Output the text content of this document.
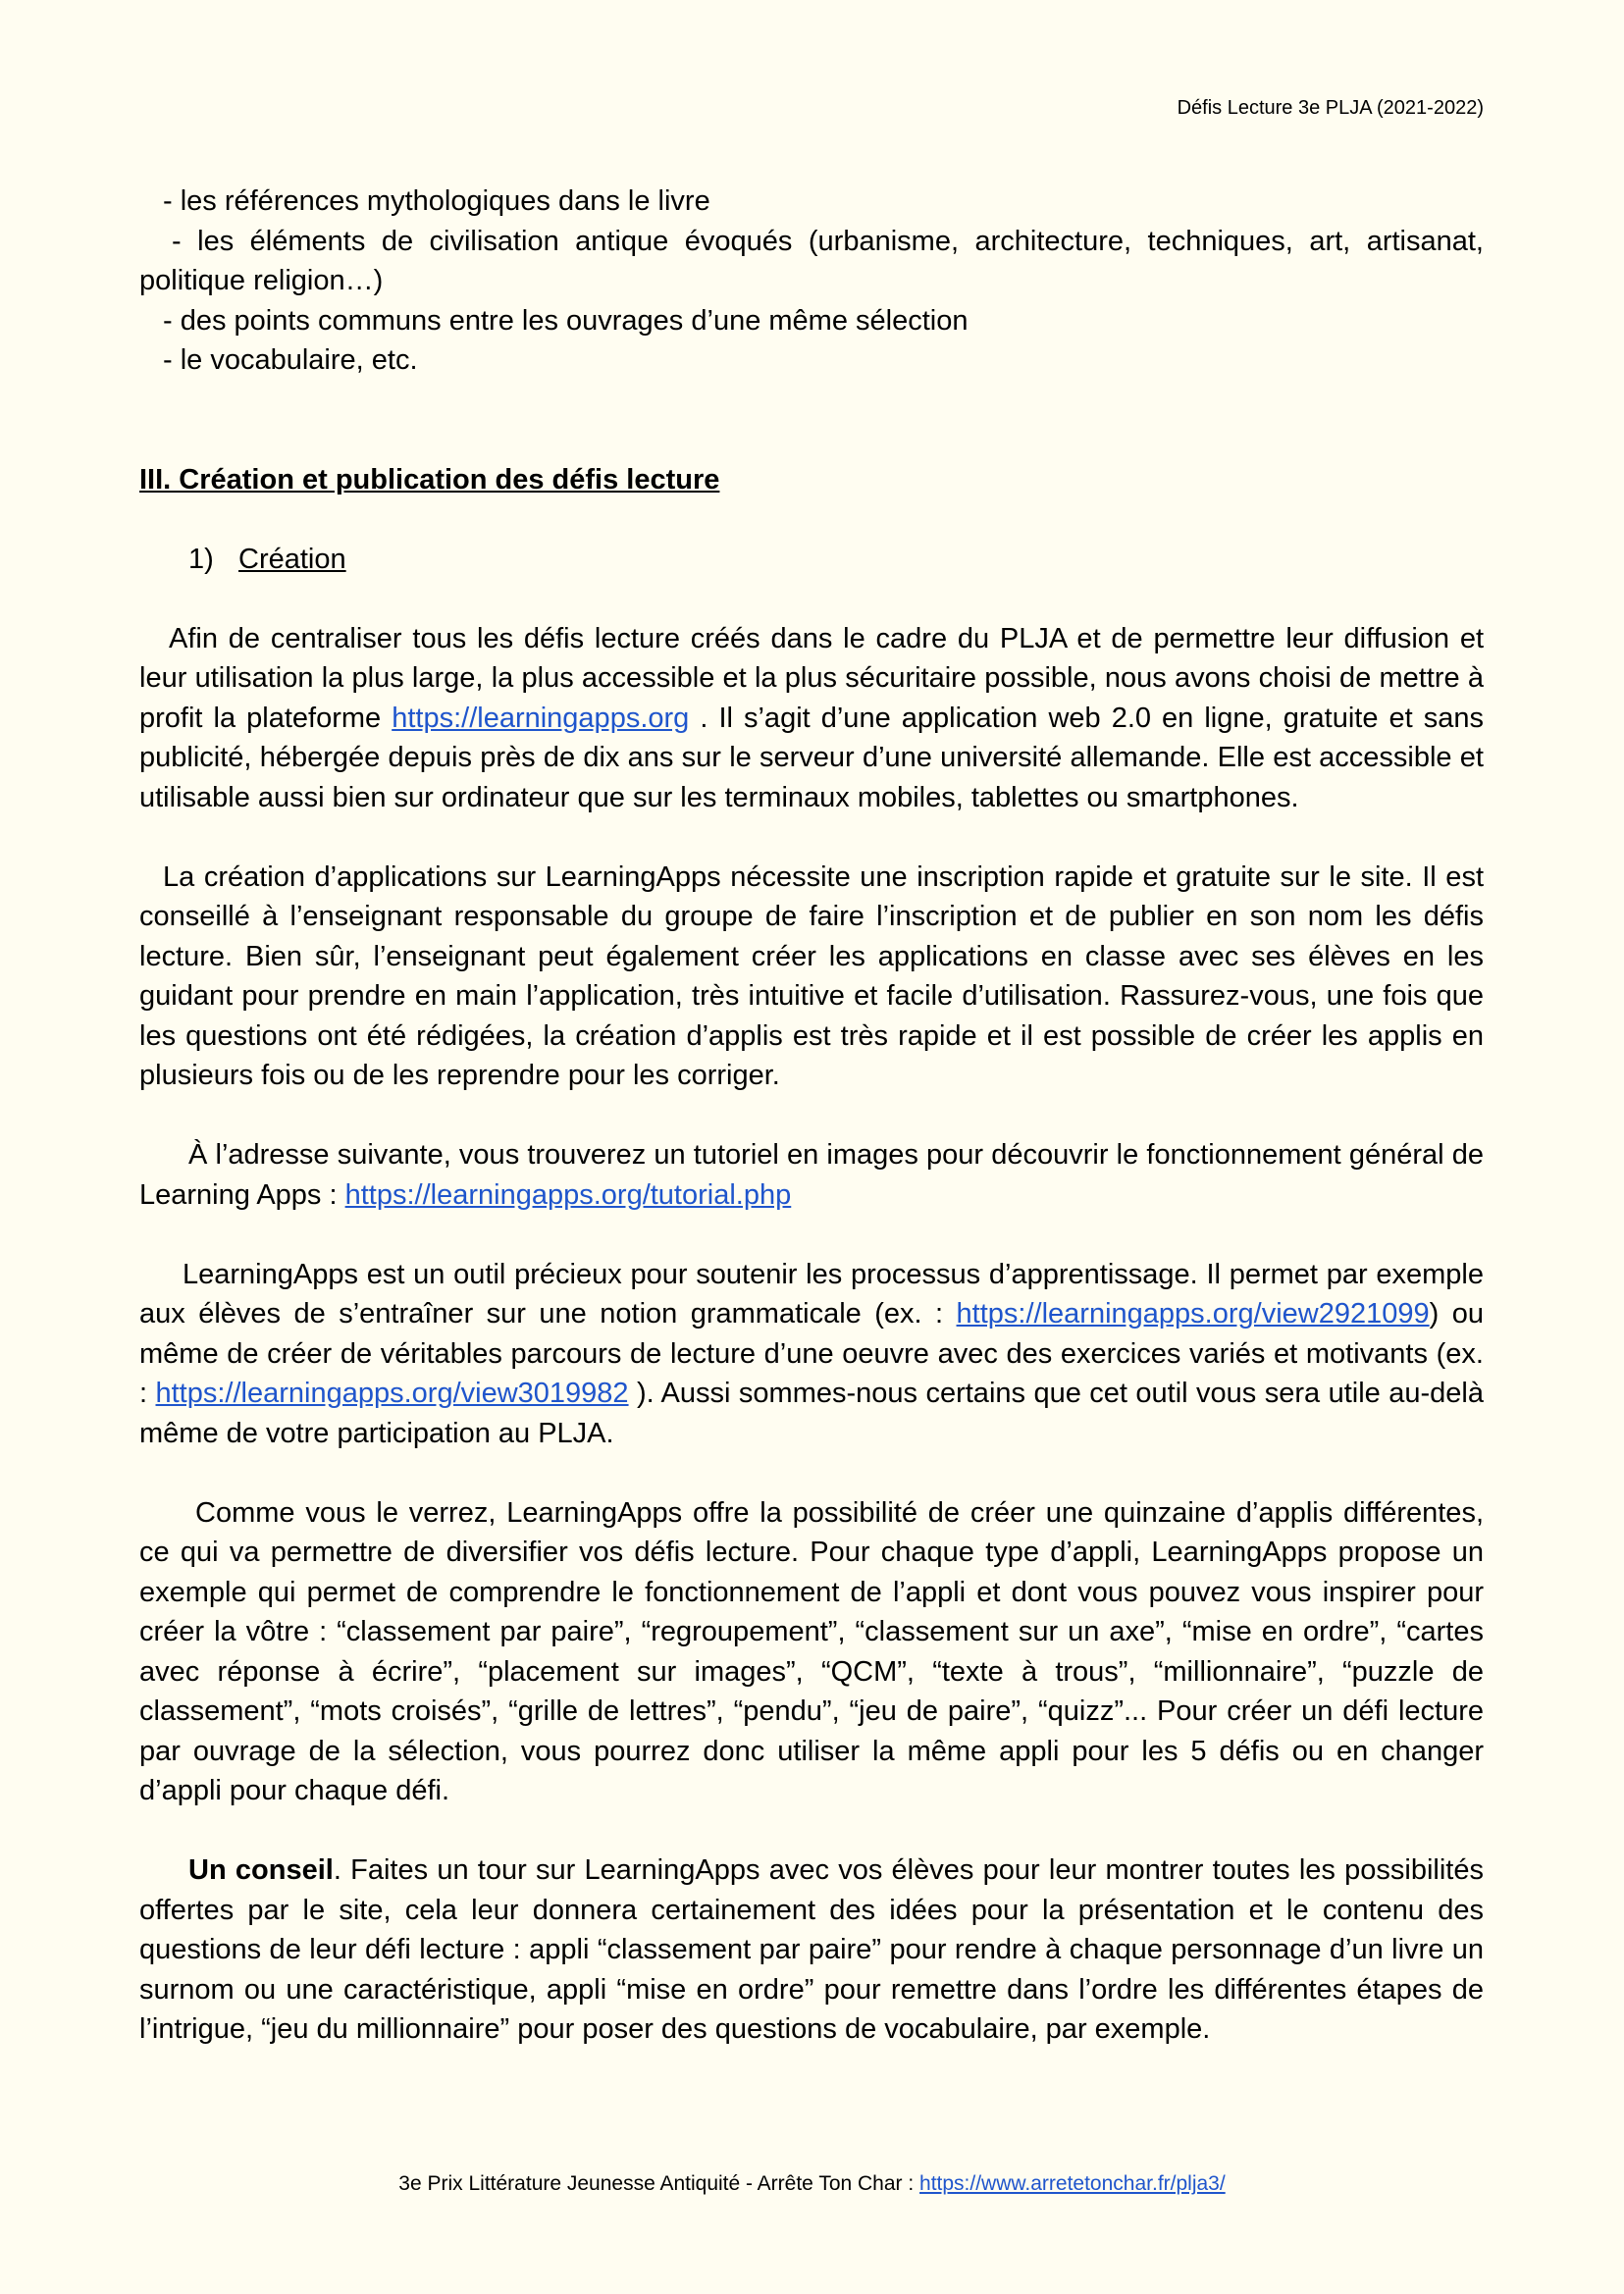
Défis Lecture 3e PLJA (2021-2022)

- les références mythologiques dans le livre

- les éléments de civilisation antique évoqués (urbanisme, architecture, techniques, art, artisanat, politique religion…)

- des points communs entre les ouvrages d’une même sélection

- le vocabulaire, etc.

III. Création et publication des défis lecture

1) Création

Afin de centraliser tous les défis lecture créés dans le cadre du PLJA et de permettre leur diffusion et leur utilisation la plus large, la plus accessible et la plus sécuritaire possible, nous avons choisi de mettre à profit la plateforme https://learningapps.org . Il s’agit d’une application web 2.0 en ligne, gratuite et sans publicité, hébergée depuis près de dix ans sur le serveur d’une université allemande. Elle est accessible et utilisable aussi bien sur ordinateur que sur les terminaux mobiles, tablettes ou smartphones.

La création d’applications sur LearningApps nécessite une inscription rapide et gratuite sur le site. Il est conseillé à l’enseignant responsable du groupe de faire l’inscription et de publier en son nom les défis lecture. Bien sûr, l’enseignant peut également créer les applications en classe avec ses élèves en les guidant pour prendre en main l’application, très intuitive et facile d’utilisation. Rassurez-vous, une fois que les questions ont été rédigées, la création d’applis est très rapide et il est possible de créer les applis en plusieurs fois ou de les reprendre pour les corriger.

À l’adresse suivante, vous trouverez un tutoriel en images pour découvrir le fonctionnement général de Learning Apps : https://learningapps.org/tutorial.php

LearningApps est un outil précieux pour soutenir les processus d’apprentissage. Il permet par exemple aux élèves de s’entraîner sur une notion grammaticale (ex. : https://learningapps.org/view2921099) ou même de créer de véritables parcours de lecture d’une oeuvre avec des exercices variés et motivants (ex. : https://learningapps.org/view3019982 ). Aussi sommes-nous certains que cet outil vous sera utile au-delà même de votre participation au PLJA.

Comme vous le verrez, LearningApps offre la possibilité de créer une quinzaine d’applis différentes, ce qui va permettre de diversifier vos défis lecture. Pour chaque type d’appli, LearningApps propose un exemple qui permet de comprendre le fonctionnement de l’appli et dont vous pouvez vous inspirer pour créer la vôtre : “classement par paire”, “regroupement”, “classement sur un axe”, “mise en ordre”, “cartes avec réponse à écrire”, “placement sur images”, “QCM”, “texte à trous”, “millionnaire”, “puzzle de classement”, “mots croisés”, “grille de lettres”, “pendu”, “jeu de paire”, “quizz”... Pour créer un défi lecture par ouvrage de la sélection, vous pourrez donc utiliser la même appli pour les 5 défis ou en changer d’appli pour chaque défi.

Un conseil. Faites un tour sur LearningApps avec vos élèves pour leur montrer toutes les possibilités offertes par le site, cela leur donnera certainement des idées pour la présentation et le contenu des questions de leur défi lecture : appli “classement par paire” pour rendre à chaque personnage d’un livre un surnom ou une caractéristique, appli “mise en ordre” pour remettre dans l’ordre les différentes étapes de l’intrigue, “jeu du millionnaire” pour poser des questions de vocabulaire, par exemple.

3e Prix Littérature Jeunesse Antiquité - Arrête Ton Char : https://www.arretetonchar.fr/plja3/
